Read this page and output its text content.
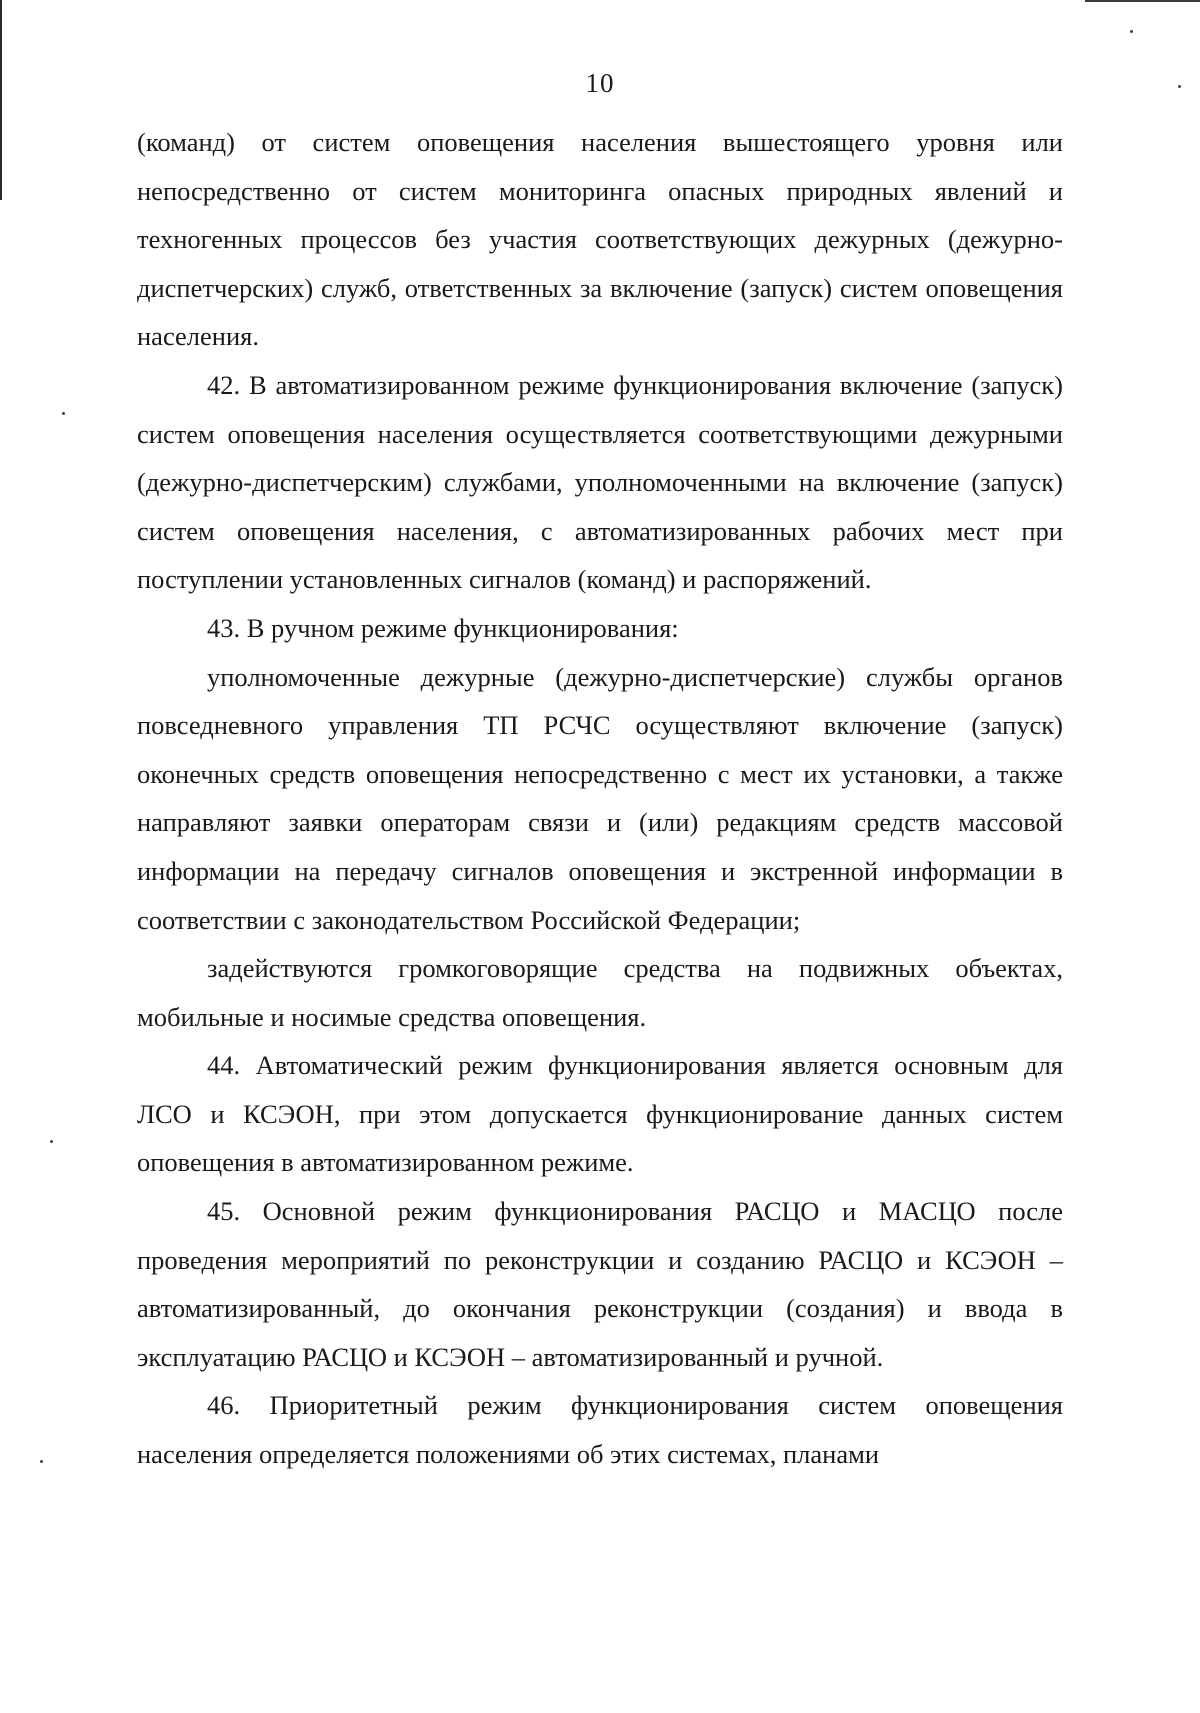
10

(команд) от систем оповещения населения вышестоящего уровня или непосредственно от систем мониторинга опасных природных явлений и техногенных процессов без участия соответствующих дежурных (дежурно-диспетчерских) служб, ответственных за включение (запуск) систем оповещения населения.

42. В автоматизированном режиме функционирования включение (запуск) систем оповещения населения осуществляется соответствующими дежурными (дежурно-диспетчерским) службами, уполномоченными на включение (запуск) систем оповещения населения, с автоматизированных рабочих мест при поступлении установленных сигналов (команд) и распоряжений.

43. В ручном режиме функционирования:

уполномоченные дежурные (дежурно-диспетчерские) службы органов повседневного управления ТП РСЧС осуществляют включение (запуск) оконечных средств оповещения непосредственно с мест их установки, а также направляют заявки операторам связи и (или) редакциям средств массовой информации на передачу сигналов оповещения и экстренной информации в соответствии с законодательством Российской Федерации;

задействуются громкоговорящие средства на подвижных объектах, мобильные и носимые средства оповещения.

44. Автоматический режим функционирования является основным для ЛСО и КСЭОН, при этом допускается функционирование данных систем оповещения в автоматизированном режиме.

45. Основной режим функционирования РАСЦО и МАСЦО после проведения мероприятий по реконструкции и созданию РАСЦО и КСЭОН – автоматизированный, до окончания реконструкции (создания) и ввода в эксплуатацию РАСЦО и КСЭОН – автоматизированный и ручной.

46. Приоритетный режим функционирования систем оповещения населения определяется положениями об этих системах, планами
